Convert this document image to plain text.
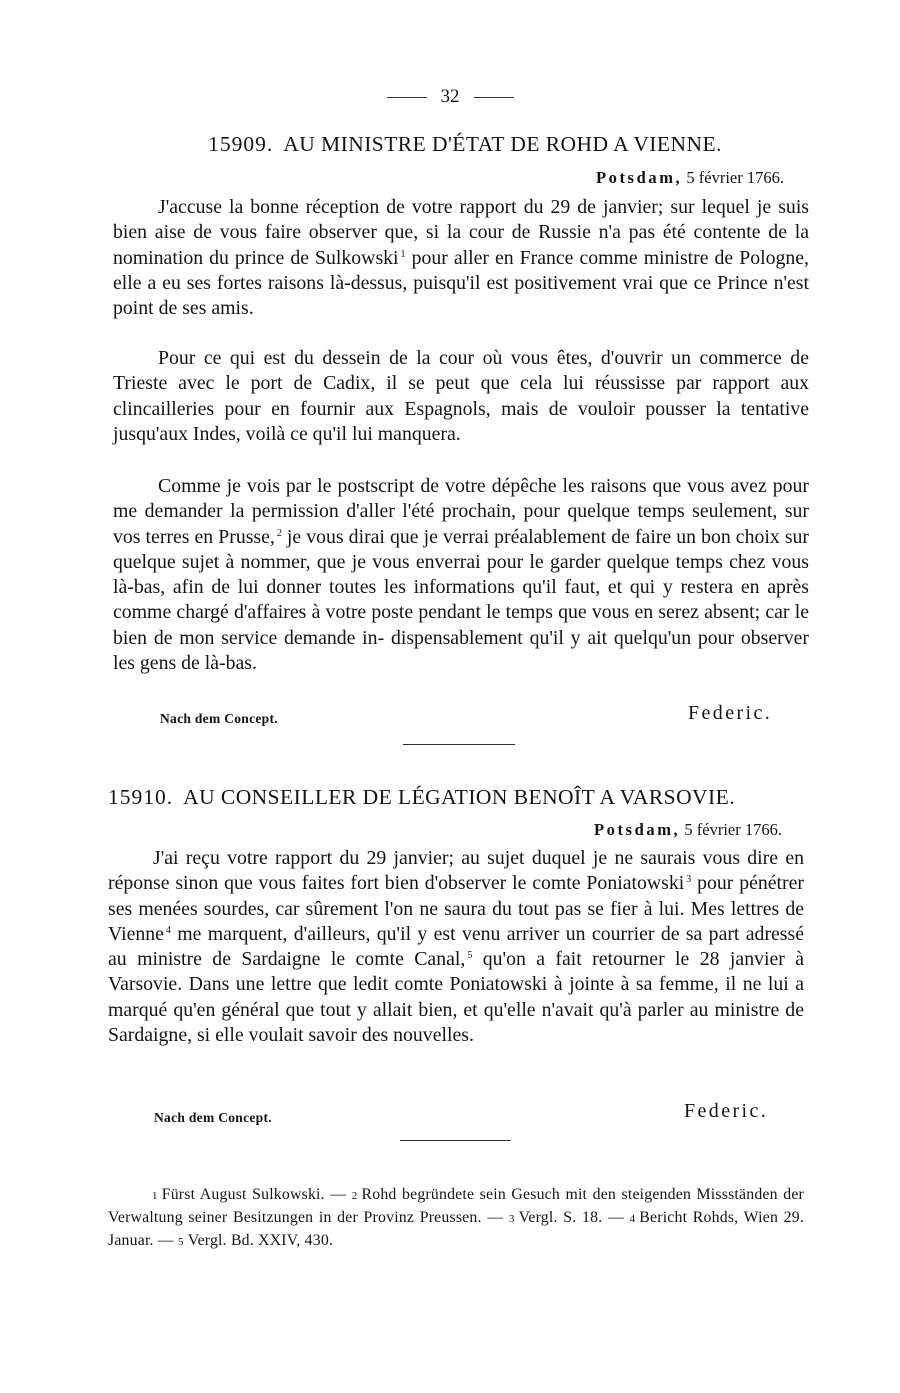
32
15909. AU MINISTRE D'ÉTAT DE ROHD A VIENNE.
Potsdam, 5 février 1766.
J'accuse la bonne réception de votre rapport du 29 de janvier; sur lequel je suis bien aise de vous faire observer que, si la cour de Russie n'a pas été contente de la nomination du prince de Sulkowski $^1$ pour aller en France comme ministre de Pologne, elle a eu ses fortes raisons là-dessus, puisqu'il est positivement vrai que ce Prince n'est point de ses amis.
Pour ce qui est du dessein de la cour où vous êtes, d'ouvrir un commerce de Trieste avec le port de Cadix, il se peut que cela lui réussisse par rapport aux clincailleries pour en fournir aux Espagnols, mais de vouloir pousser la tentative jusqu'aux Indes, voilà ce qu'il lui manquera.
Comme je vois par le postscript de votre dépêche les raisons que vous avez pour me demander la permission d'aller l'été prochain, pour quelque temps seulement, sur vos terres en Prusse, $^2$ je vous dirai que je verrai préalablement de faire un bon choix sur quelque sujet à nommer, que je vous enverrai pour le garder quelque temps chez vous là-bas, afin de lui donner toutes les informations qu'il faut, et qui y restera en après comme chargé d'affaires à votre poste pendant le temps que vous en serez absent; car le bien de mon service demande in- dispensablement qu'il y ait quelqu'un pour observer les gens de là-bas.
Nach dem Concept.	Federic.
15910. AU CONSEILLER DE LÉGATION BENOÎT A VARSOVIE.
Potsdam, 5 février 1766.
J'ai reçu votre rapport du 29 janvier; au sujet duquel je ne saurais vous dire en réponse sinon que vous faites fort bien d'observer le comte Poniatowski $^3$ pour pénétrer ses menées sourdes, car sûrement l'on ne saura du tout pas se fier à lui. Mes lettres de Vienne $^4$ me marquent, d'ailleurs, qu'il y est venu arriver un courrier de sa part adressé au ministre de Sardaigne le comte Canal, $^5$ qu'on a fait retourner le 28 janvier à Varsovie. Dans une lettre que ledit comte Poniatowski à jointe à sa femme, il ne lui a marqué qu'en général que tout y allait bien, et qu'elle n'avait qu'à parler au ministre de Sardaigne, si elle voulait savoir des nouvelles.
Nach dem Concept.	Federic.
1 Fürst August Sulkowski. — 2 Rohd begründete sein Gesuch mit den steigenden Missständen der Verwaltung seiner Besitzungen in der Provinz Preussen. — 3 Vergl. S. 18. — 4 Bericht Rohds, Wien 29. Januar. — 5 Vergl. Bd. XXIV, 430.
